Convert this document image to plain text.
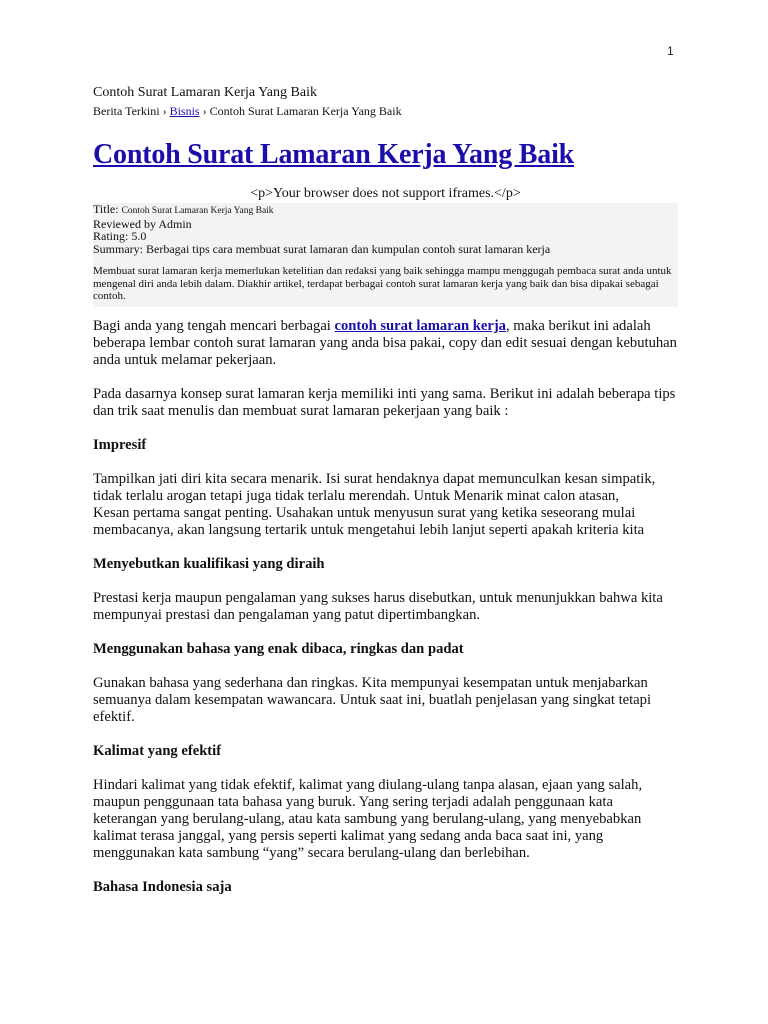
1
Contoh Surat Lamaran Kerja Yang Baik
Berita Terkini › Bisnis › Contoh Surat Lamaran Kerja Yang Baik
Contoh Surat Lamaran Kerja Yang Baik
<p>Your browser does not support iframes.</p>
Title: Contoh Surat Lamaran Kerja Yang Baik
Reviewed by Admin
Rating: 5.0
Summary: Berbagai tips cara membuat surat lamaran dan kumpulan contoh surat lamaran kerja
Membuat surat lamaran kerja memerlukan ketelitian dan redaksi yang baik sehingga mampu menggugah pembaca surat anda untuk mengenal diri anda lebih dalam. Diakhir artikel, terdapat berbagai contoh surat lamaran kerja yang baik dan bisa dipakai sebagai contoh.

Bagi anda yang tengah mencari berbagai contoh surat lamaran kerja, maka berikut ini adalah beberapa lembar contoh surat lamaran yang anda bisa pakai, copy dan edit sesuai dengan kebutuhan anda untuk melamar pekerjaan.

Pada dasarnya konsep surat lamaran kerja memiliki inti yang sama. Berikut ini adalah beberapa tips dan trik saat menulis dan membuat surat lamaran pekerjaan yang baik :

Impresif

Tampilkan jati diri kita secara menarik. Isi surat hendaknya dapat memunculkan kesan simpatik, tidak terlalu arogan tetapi juga tidak terlalu merendah. Untuk Menarik minat calon atasan,
Kesan pertama sangat penting. Usahakan untuk menyusun surat yang ketika seseorang mulai membacanya, akan langsung tertarik untuk mengetahui lebih lanjut seperti apakah kriteria kita

Menyebutkan kualifikasi yang diraih

Prestasi kerja maupun pengalaman yang sukses harus disebutkan, untuk menunjukkan bahwa kita mempunyai prestasi dan pengalaman yang patut dipertimbangkan.

Menggunakan bahasa yang enak dibaca, ringkas dan padat

Gunakan bahasa yang sederhana dan ringkas. Kita mempunyai kesempatan untuk menjabarkan semuanya dalam kesempatan wawancara. Untuk saat ini, buatlah penjelasan yang singkat tetapi efektif.

Kalimat yang efektif

Hindari kalimat yang tidak efektif, kalimat yang diulang-ulang tanpa alasan, ejaan yang salah, maupun penggunaan tata bahasa yang buruk. Yang sering terjadi adalah penggunaan kata keterangan yang berulang-ulang, atau kata sambung yang berulang-ulang, yang menyebabkan kalimat terasa janggal, yang persis seperti kalimat yang sedang anda baca saat ini, yang menggunakan kata sambung “yang” secara berulang-ulang dan berlebihan.

Bahasa Indonesia saja
